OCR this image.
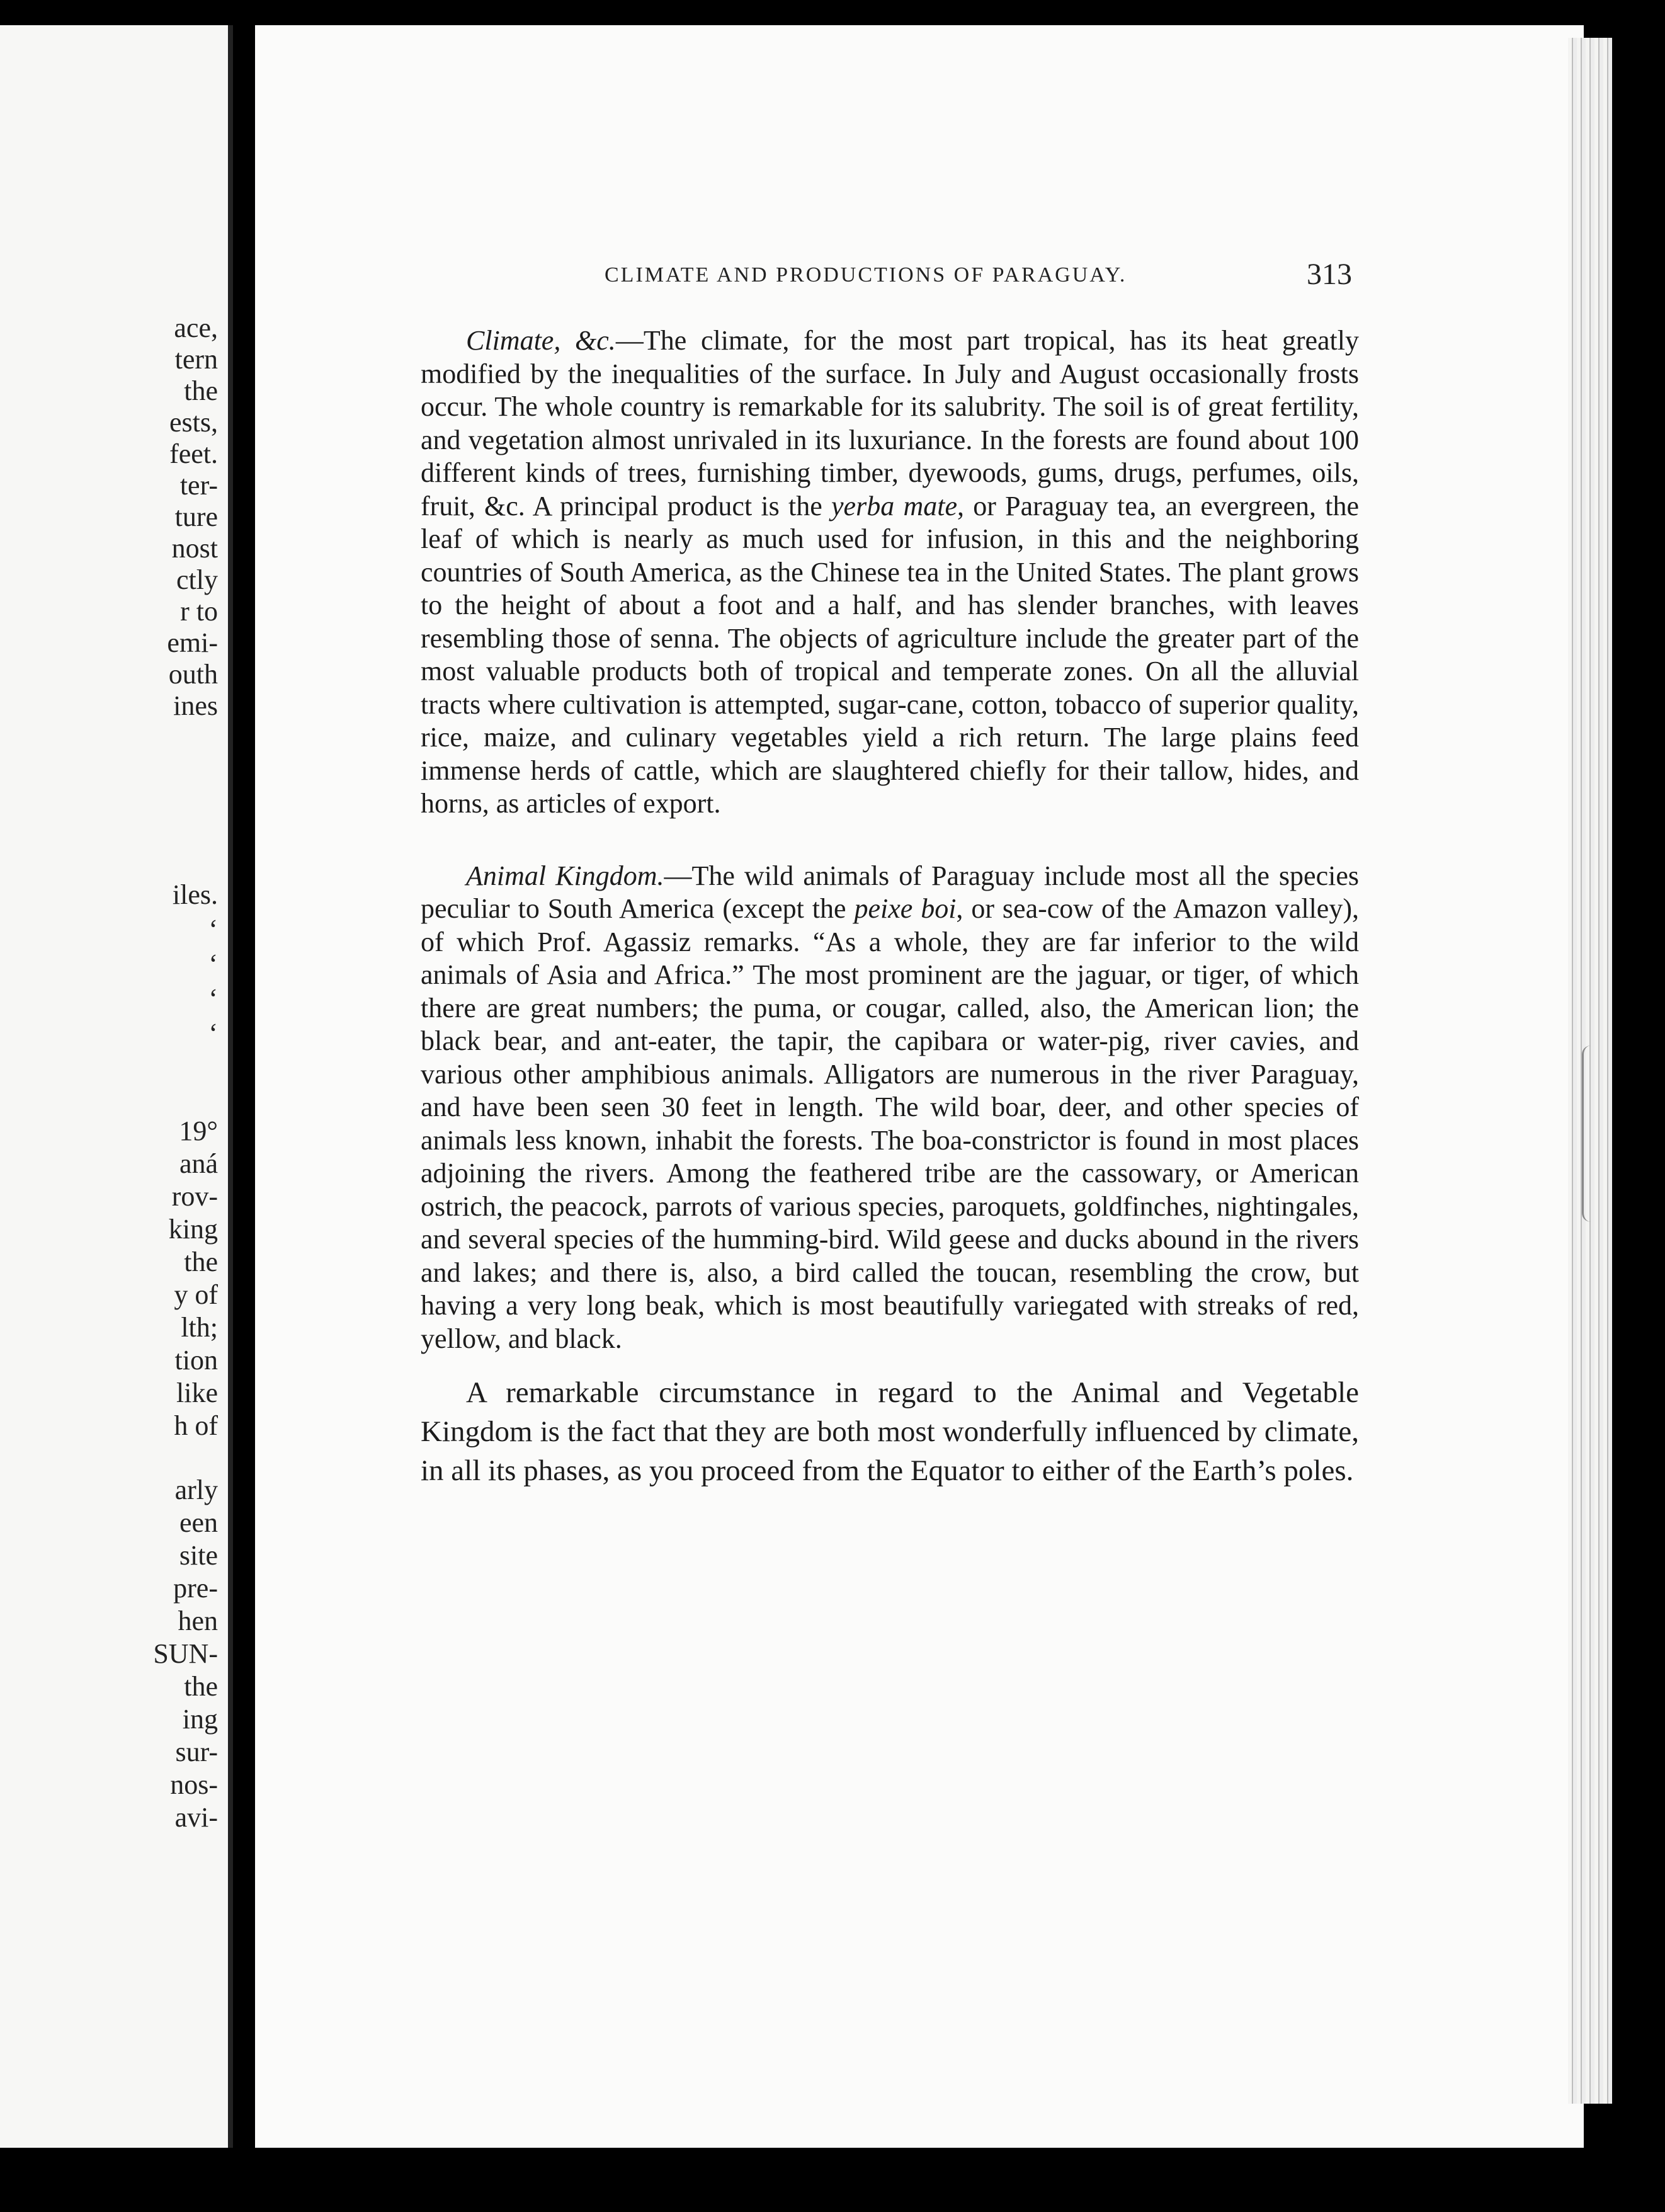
ace,
tern
the
ests,
feet.
ter-
ture
nost
ctly
r to
emi-
outh
ines
iles.
‘
‘
‘
‘
19°
aná
rov-
king
the
y of
lth;
tion
like
h of
arly
een
site
pre-
hen
SUN-
the
ing
sur-
nos-
avi-
CLIMATE AND PRODUCTIONS OF PARAGUAY.	313

Climate, &c.—The climate, for the most part tropical, has its heat greatly modified by the inequalities of the surface. In July and August occasionally frosts occur. The whole country is remarkable for its salubrity. The soil is of great fertility, and vegetation almost unrivaled in its luxuriance. In the forests are found about 100 different kinds of trees, furnishing timber, dyewoods, gums, drugs, perfumes, oils, fruit, &c. A principal product is the yerba mate, or Paraguay tea, an evergreen, the leaf of which is nearly as much used for infusion, in this and the neighboring countries of South America, as the Chinese tea in the United States. The plant grows to the height of about a foot and a half, and has slender branches, with leaves resembling those of senna. The objects of agriculture include the greater part of the most valuable products both of tropical and temperate zones. On all the alluvial tracts where cultivation is attempted, sugar-cane, cotton, tobacco of superior quality, rice, maize, and culinary vegetables yield a rich return. The large plains feed immense herds of cattle, which are slaughtered chiefly for their tallow, hides, and horns, as articles of export.

Animal Kingdom.—The wild animals of Paraguay include most all the species peculiar to South America (except the peixe boi, or sea-cow of the Amazon valley), of which Prof. Agassiz remarks. “As a whole, they are far inferior to the wild animals of Asia and Africa.” The most prominent are the jaguar, or tiger, of which there are great numbers; the puma, or cougar, called, also, the American lion; the black bear, and ant-eater, the tapir, the capibara or water-pig, river cavies, and various other amphibious animals. Alligators are numerous in the river Paraguay, and have been seen 30 feet in length. The wild boar, deer, and other species of animals less known, inhabit the forests. The boa-constrictor is found in most places adjoining the rivers. Among the feathered tribe are the cassowary, or American ostrich, the peacock, parrots of various species, paroquets, goldfinches, nightingales, and several species of the humming-bird. Wild geese and ducks abound in the rivers and lakes; and there is, also, a bird called the toucan, resembling the crow, but having a very long beak, which is most beautifully variegated with streaks of red, yellow, and black.

A remarkable circumstance in regard to the Animal and Vegetable Kingdom is the fact that they are both most wonderfully influenced by climate, in all its phases, as you proceed from the Equator to either of the Earth’s poles.
